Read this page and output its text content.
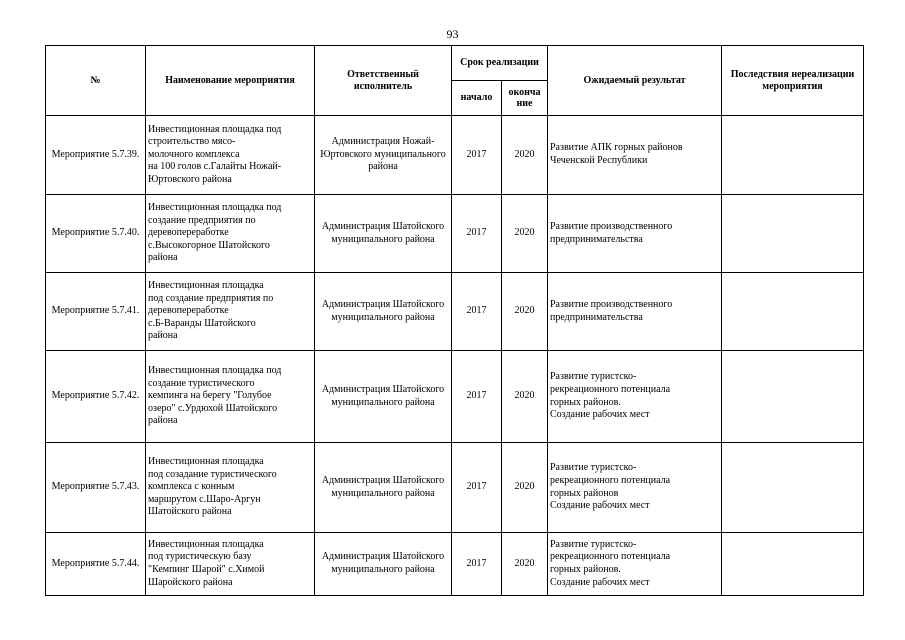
93
№	Наименование мероприятия	Ответственный исполнитель	Срок реализации		Ожидаемый результат	Последствия нереализации мероприятия
			начало	оконча ние		
Мероприятие 5.7.39.	Инвестиционная площадка под
строительство мясо-
молочного комплекса
на 100 голов с.Галайты Ножай-
Юртовского района	Администрация Ножай-Юртовского муниципального района	2017	2020	Развитие АПК горных районов
Чеченской Республики	

Мероприятие 5.7.40.	Инвестиционная площадка под
создание предприятия по
деревопереработке
с.Высокогорное Шатойского
района	Администрация Шатойского муниципального района	2017	2020	Развитие производственного
предпринимательства	

Мероприятие 5.7.41.	Инвестиционная площадка
под создание предприятия по
деревопереработке
с.Б-Варанды Шатойского
района	Администрация Шатойского муниципального района	2017	2020	Развитие производственного
предпринимательства	

Мероприятие 5.7.42.	Инвестиционная площадка под
создание туристического
кемпинга на берегу "Голубое
озеро" с.Урдюхой Шатойского
района	Администрация Шатойского муниципального района	2017	2020	Развитие туристско-
рекреационного потенциала
горных районов.
Создание рабочих мест	

Мероприятие 5.7.43.	Инвестиционная площадка
под созадание туристического
комплекса с конным
маршрутом с.Шаро-Аргун
Шатойского района	Администрация Шатойского муниципального района	2017	2020	Развитие туристско-
рекреационного потенциала
горных районов
Создание рабочих мест	

Мероприятие 5.7.44.	Инвестиционная площадка
под туристическую базу
"Кемпинг Шарой" с.Химой
Шаройского района	Администрация Шатойского муниципального района	2017	2020	Развитие туристско-
рекреационного потенциала
горных районов.
Создание рабочих мест	
